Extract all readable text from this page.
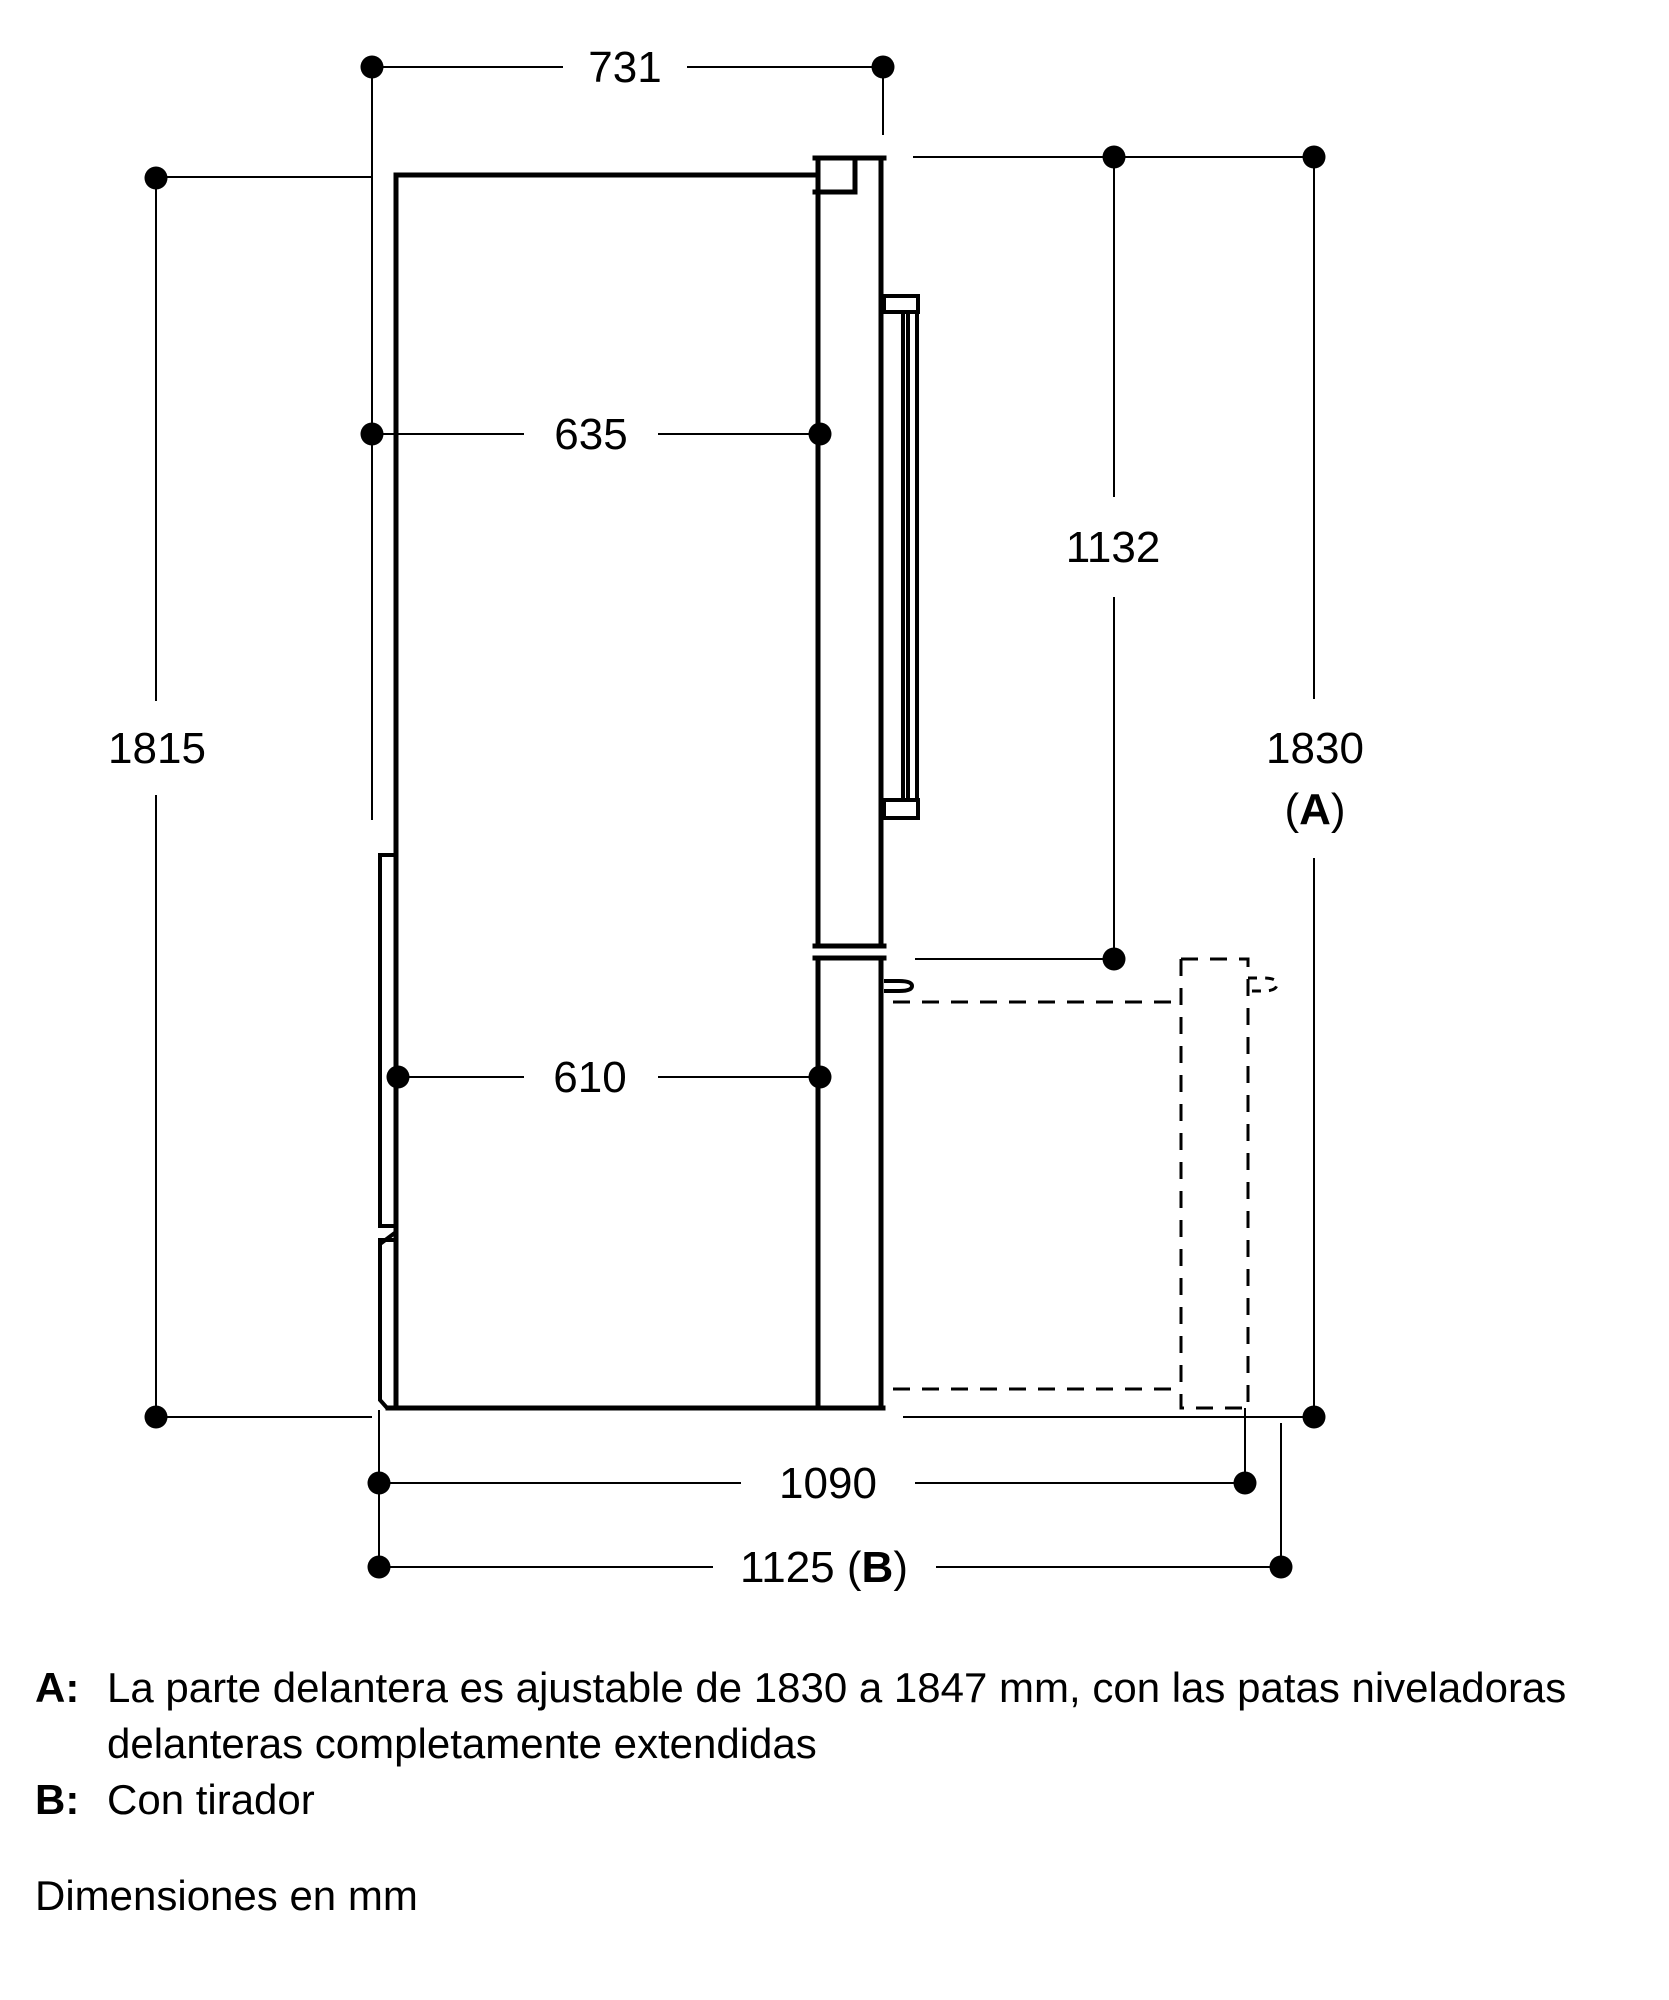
731
635
1132
1815	1830
(A)
610
1090
1125 (B)
A: La parte delantera es ajustable de 1830 a 1847 mm, con las patas niveladoras
delanteras completamente extendidas
B: Con tirador
Dimensiones en mm
